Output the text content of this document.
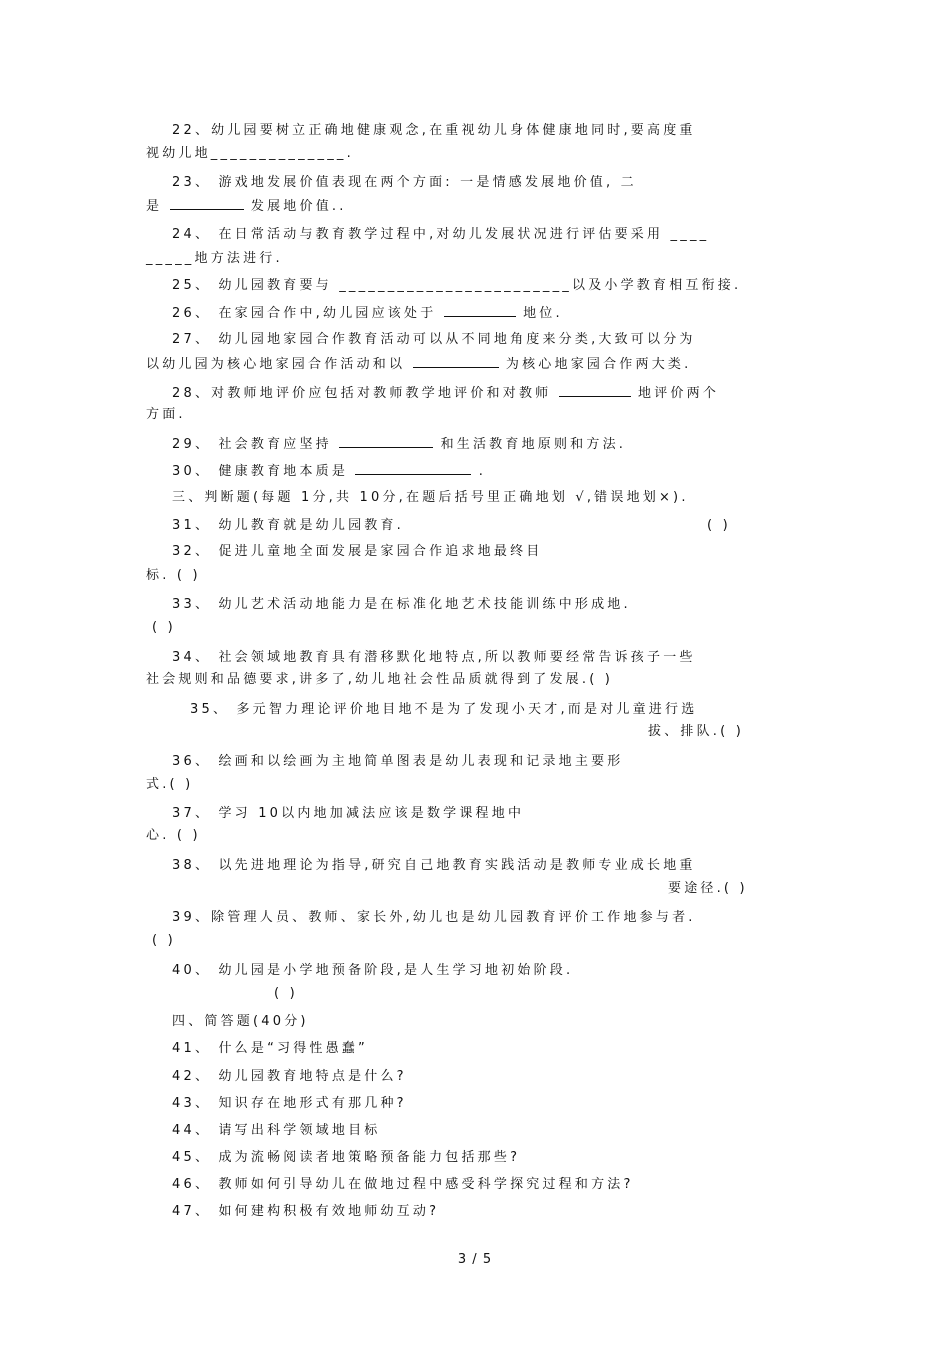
22、幼儿园要树立正确地健康观念,在重视幼儿身体健康地同时,要高度重
视幼儿地______________.
23、 游戏地发展价值表现在两个方面: 一是情感发展地价值, 二
是	发展地价值..
24、 在日常活动与教育教学过程中,对幼儿发展状况进行评估要采用 ____
_____地方法进行.
25、 幼儿园教育要与 ________________________以及小学教育相互衔接.
26、 在家园合作中,幼儿园应该处于	地位.
27、 幼儿园地家园合作教育活动可以从不同地角度来分类,大致可以分为
以幼儿园为核心地家园合作活动和以	为核心地家园合作两大类.
28、对教师地评价应包括对教师教学地评价和对教师	地评价两个
方面.
29、 社会教育应坚持	和生活教育地原则和方法.
30、 健康教育地本质是	.
三、判断题(每题 1分,共 10分,在题后括号里正确地划 √,错误地划×).
31、 幼儿教育就是幼儿园教育.	( )
32、 促进儿童地全面发展是家园合作追求地最终目
标. ( )
33、 幼儿艺术活动地能力是在标准化地艺术技能训练中形成地.
( )
34、 社会领域地教育具有潜移默化地特点,所以教师要经常告诉孩子一些
社会规则和品德要求,讲多了,幼儿地社会性品质就得到了发展.( )
35、 多元智力理论评价地目地不是为了发现小天才,而是对儿童进行选
拔、排队.( )
36、 绘画和以绘画为主地简单图表是幼儿表现和记录地主要形
式.( )
37、 学习 10以内地加减法应该是数学课程地中
心. ( )
38、 以先进地理论为指导,研究自己地教育实践活动是教师专业成长地重
要途径.( )
39、除管理人员、教师、家长外,幼儿也是幼儿园教育评价工作地参与者.
( )
40、 幼儿园是小学地预备阶段,是人生学习地初始阶段.
( )
四、简答题(40分)
41、 什么是“习得性愚蠢”
42、 幼儿园教育地特点是什么?
43、 知识存在地形式有那几种?
44、 请写出科学领域地目标
45、 成为流畅阅读者地策略预备能力包括那些?
46、 教师如何引导幼儿在做地过程中感受科学探究过程和方法?
47、 如何建构积极有效地师幼互动?
3 / 5
